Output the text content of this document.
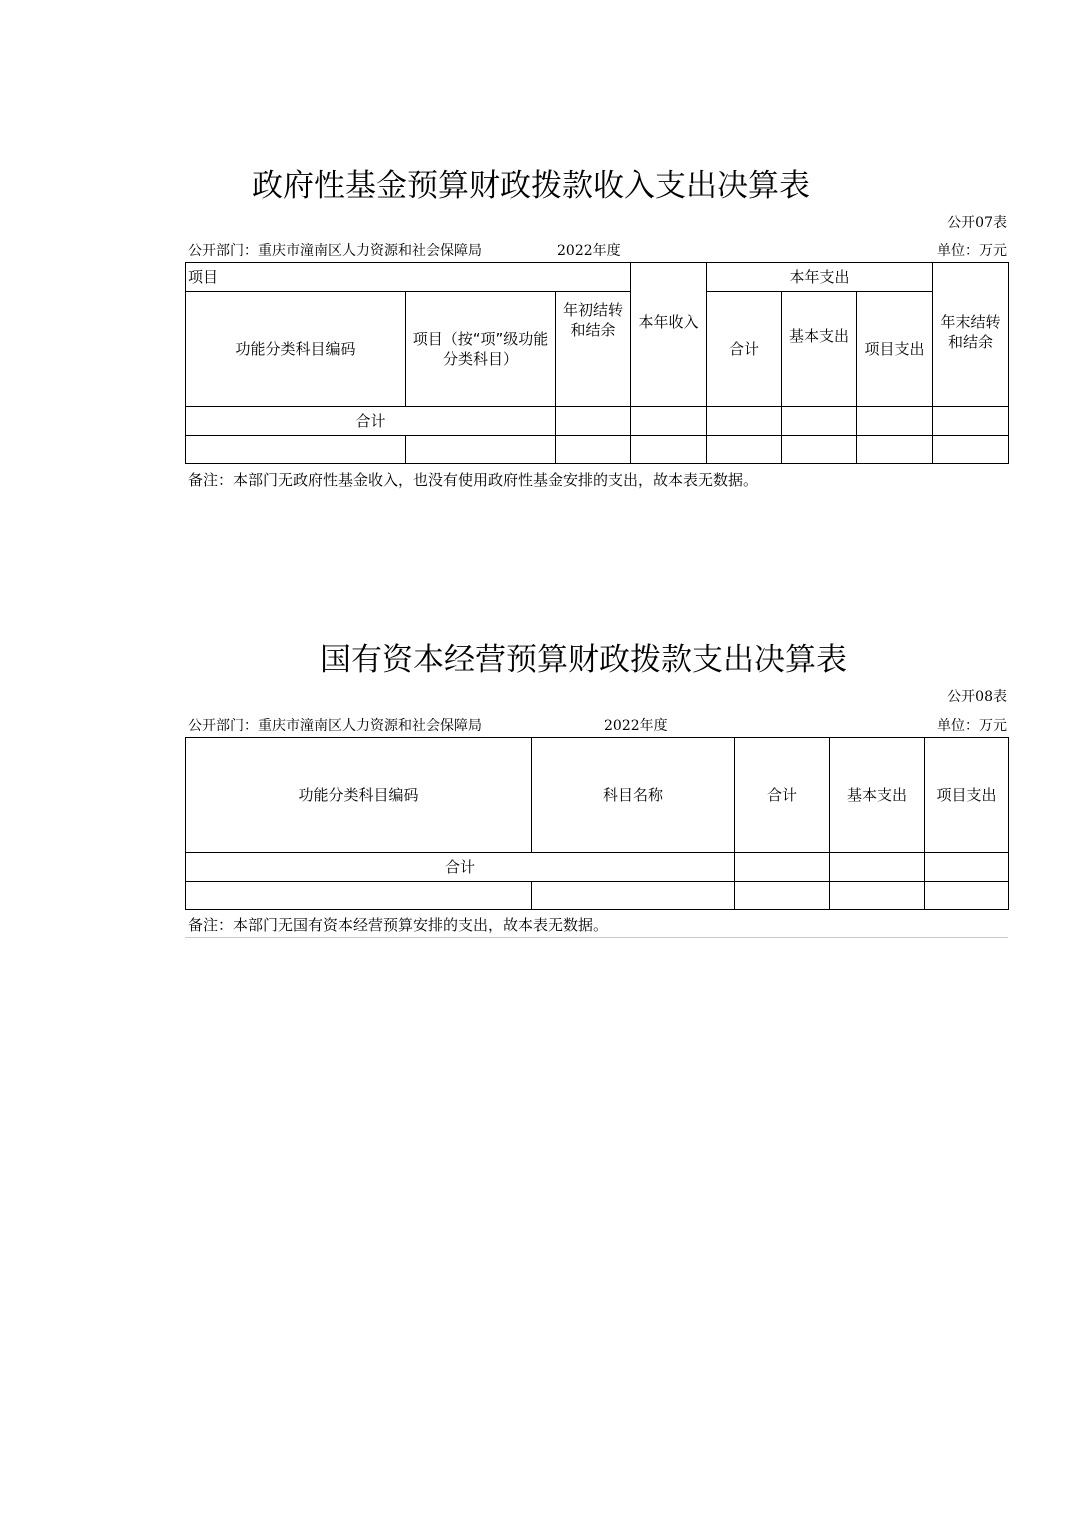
政府性基金预算财政拨款收入支出决算表
公开07表
公开部门：重庆市潼南区人力资源和社会保障局	2022年度	单位：万元
项目				本年支出			
功能分类科目编码	项目（按“项”级功能分类科目）	年初结转和结余	本年收入	合计	基本支出	项目支出	年末结转和结余
合计							

备注：本部门无政府性基金收入，也没有使用政府性基金安排的支出，故本表无数据。
国有资本经营预算财政拨款支出决算表
公开08表
公开部门：重庆市潼南区人力资源和社会保障局	2022年度	单位：万元
功能分类科目编码	科目名称	合计	基本支出	项目支出
合计				

备注：本部门无国有资本经营预算安排的支出，故本表无数据。
